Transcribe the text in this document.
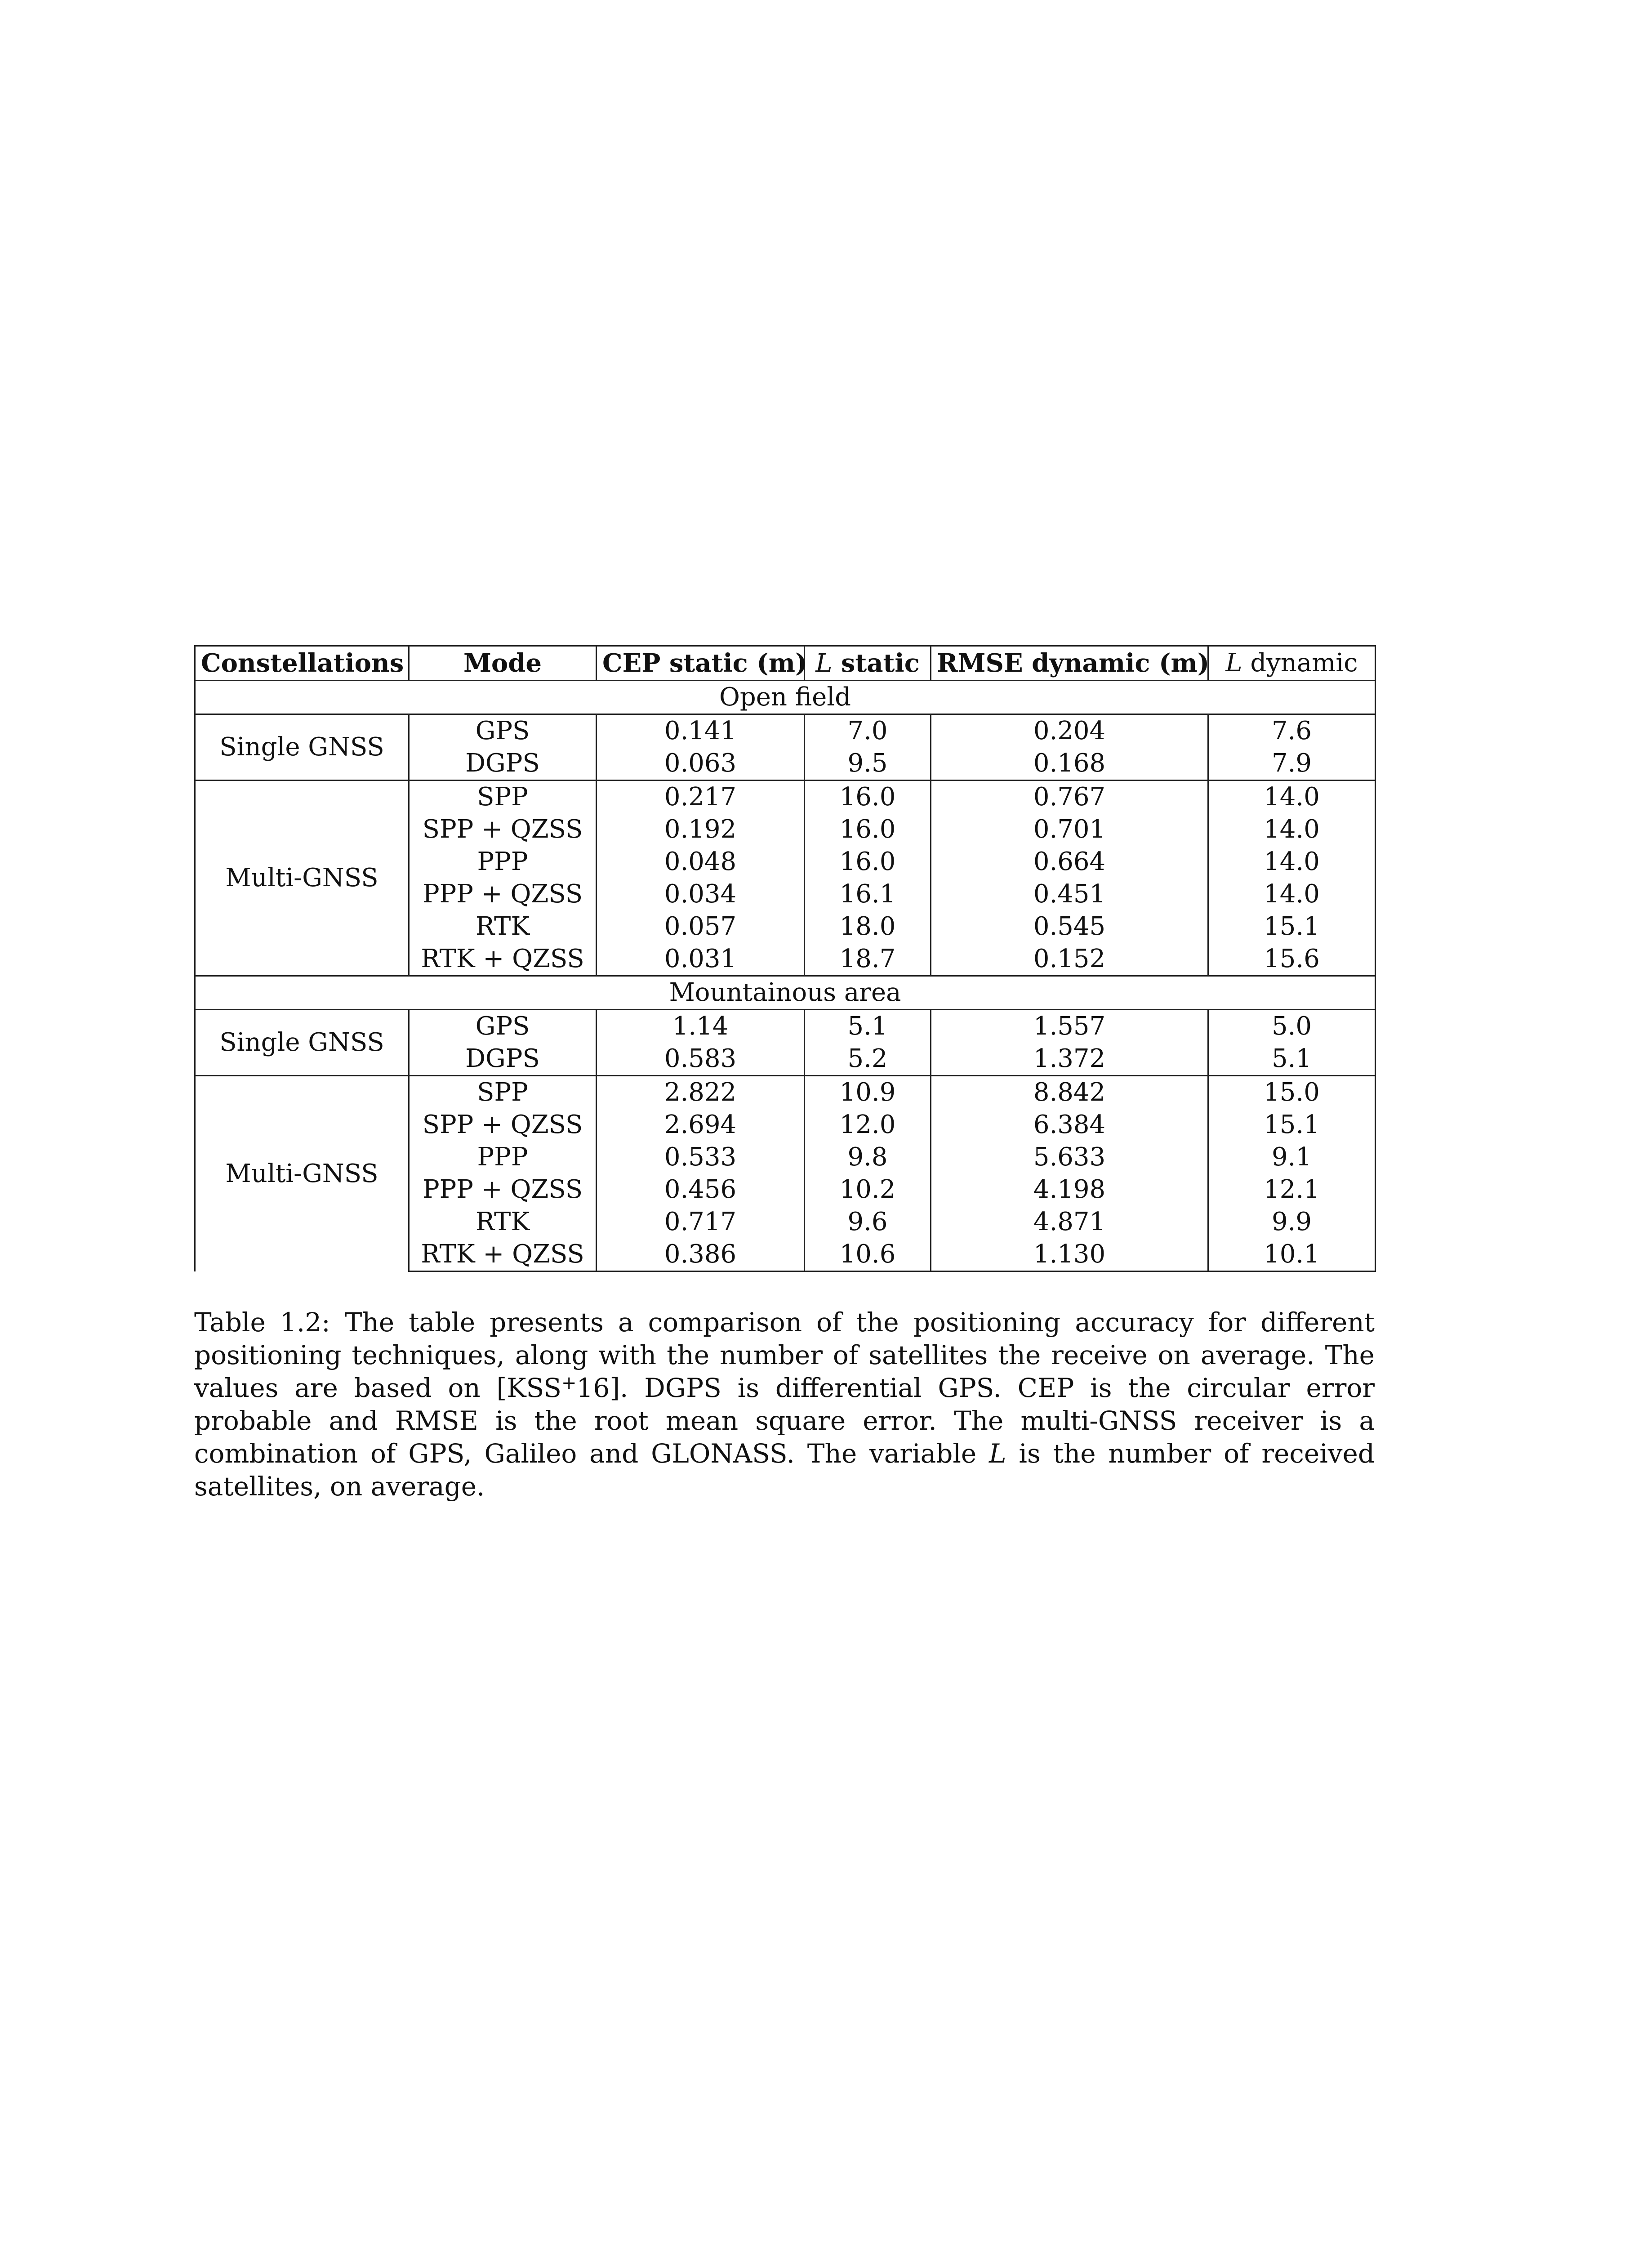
Constellations	Mode	CEP static (m)	L static	RMSE dynamic (m)	L dynamic
Open field					
Single GNSS	GPS	0.141	7.0	0.204	7.6
	DGPS	0.063	9.5	0.168	7.9
Multi-GNSS	SPP	0.217	16.0	0.767	14.0
	SPP + QZSS	0.192	16.0	0.701	14.0
	PPP	0.048	16.0	0.664	14.0
	PPP + QZSS	0.034	16.1	0.451	14.0
	RTK	0.057	18.0	0.545	15.1
	RTK + QZSS	0.031	18.7	0.152	15.6
Mountainous area					
Single GNSS	GPS	1.14	5.1	1.557	5.0
	DGPS	0.583	5.2	1.372	5.1
Multi-GNSS	SPP	2.822	10.9	8.842	15.0
	SPP + QZSS	2.694	12.0	6.384	15.1
	PPP	0.533	9.8	5.633	9.1
	PPP + QZSS	0.456	10.2	4.198	12.1
	RTK	0.717	9.6	4.871	9.9
	RTK + QZSS	0.386	10.6	1.130	10.1
Table 1.2: The table presents a comparison of the positioning accuracy for different positioning techniques, along with the number of satellites the receive on average. The values are based on [KSS+16]. DGPS is differential GPS. CEP is the circular error probable and RMSE is the root mean square error. The multi-GNSS receiver is a combination of GPS, Galileo and GLONASS. The variable L is the number of received satellites, on average.
